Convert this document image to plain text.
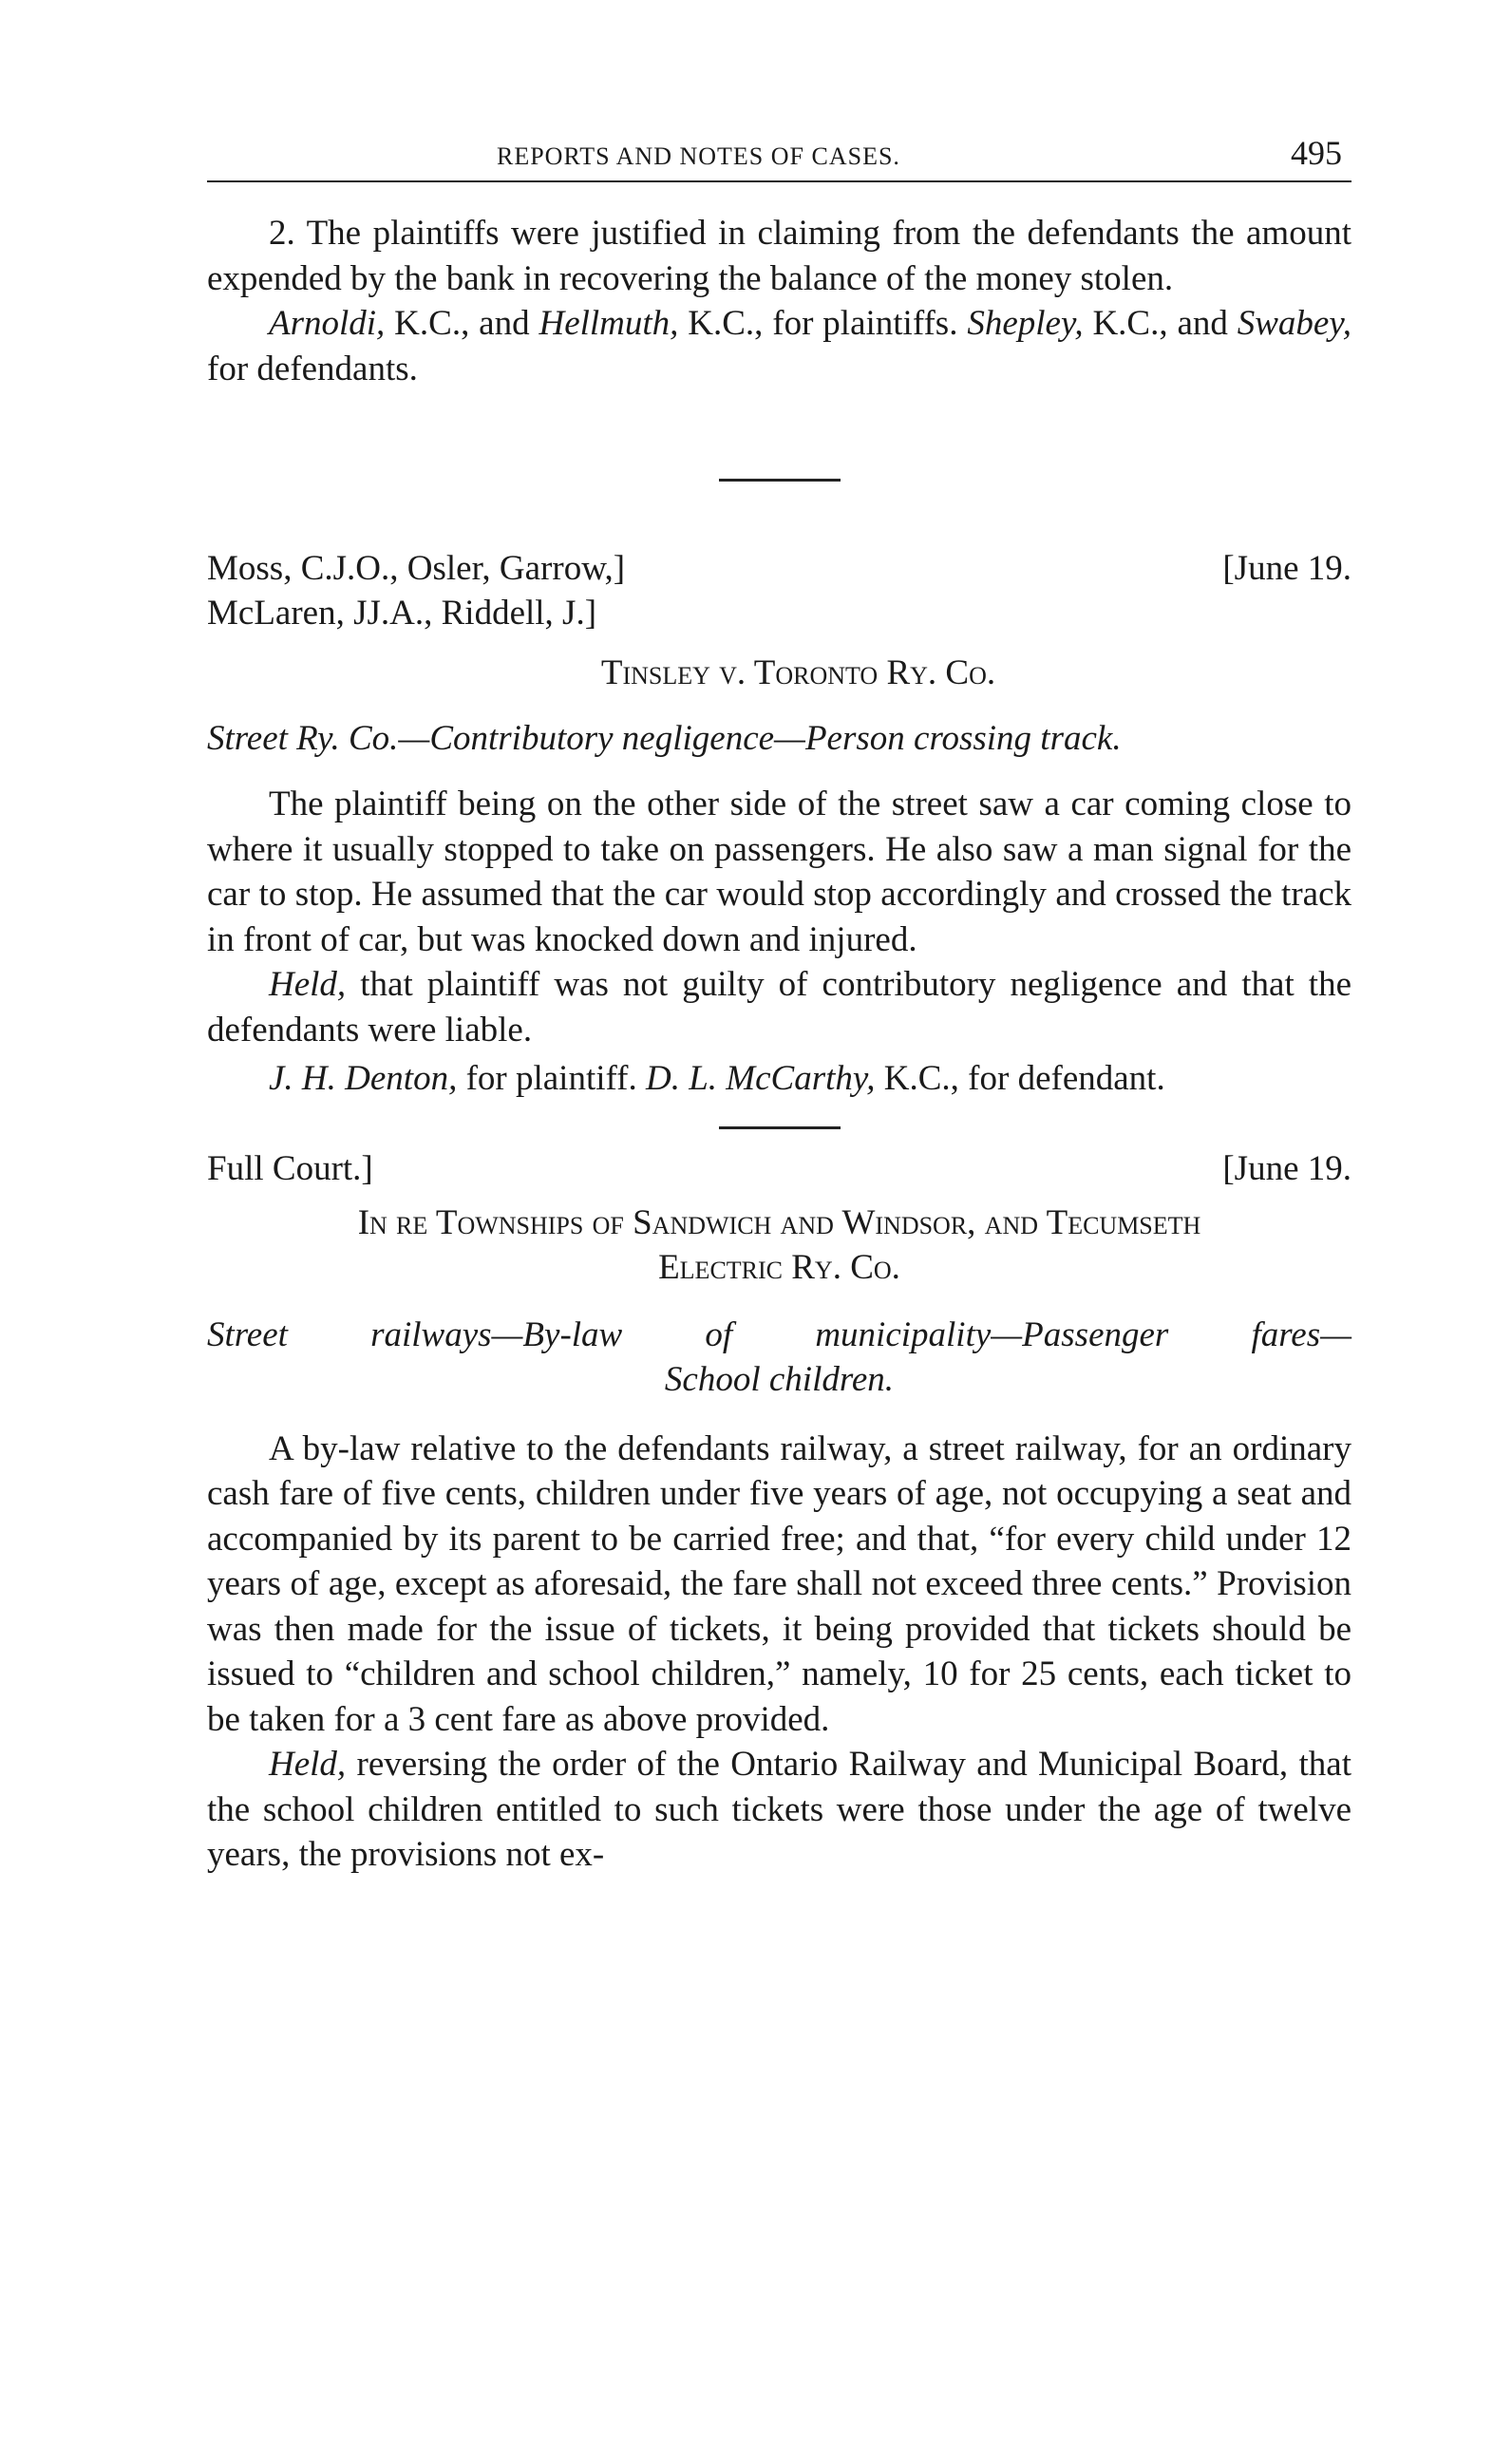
REPORTS AND NOTES OF CASES.	495

2. The plaintiffs were justified in claiming from the defendants the amount expended by the bank in recovering the balance of the money stolen.

Arnoldi, K.C., and Hellmuth, K.C., for plaintiffs. Shepley, K.C., and Swabey, for defendants.

Moss, C.J.O., Osler, Garrow,]	[June 19.
McLaren, JJ.A., Riddell, J.]

Tinsley v. Toronto Ry. Co.

Street Ry. Co.—Contributory negligence—Person crossing track.

The plaintiff being on the other side of the street saw a car coming close to where it usually stopped to take on passengers. He also saw a man signal for the car to stop. He assumed that the car would stop accordingly and crossed the track in front of car, but was knocked down and injured.

Held, that plaintiff was not guilty of contributory negligence and that the defendants were liable.

J. H. Denton, for plaintiff. D. L. McCarthy, K.C., for defendant.

Full Court.]	[June 19.

In re Townships of Sandwich and Windsor, and Tecumseth

Electric Ry. Co.

Street railways—By-law of municipality—Passenger fares—

School children.

A by-law relative to the defendants railway, a street railway, for an ordinary cash fare of five cents, children under five years of age, not occupying a seat and accompanied by its parent to be carried free; and that, “for every child under 12 years of age, except as aforesaid, the fare shall not exceed three cents.” Provision was then made for the issue of tickets, it being provided that tickets should be issued to “children and school children,” namely, 10 for 25 cents, each ticket to be taken for a 3 cent fare as above provided.

Held, reversing the order of the Ontario Railway and Municipal Board, that the school children entitled to such tickets were those under the age of twelve years, the provisions not ex-
